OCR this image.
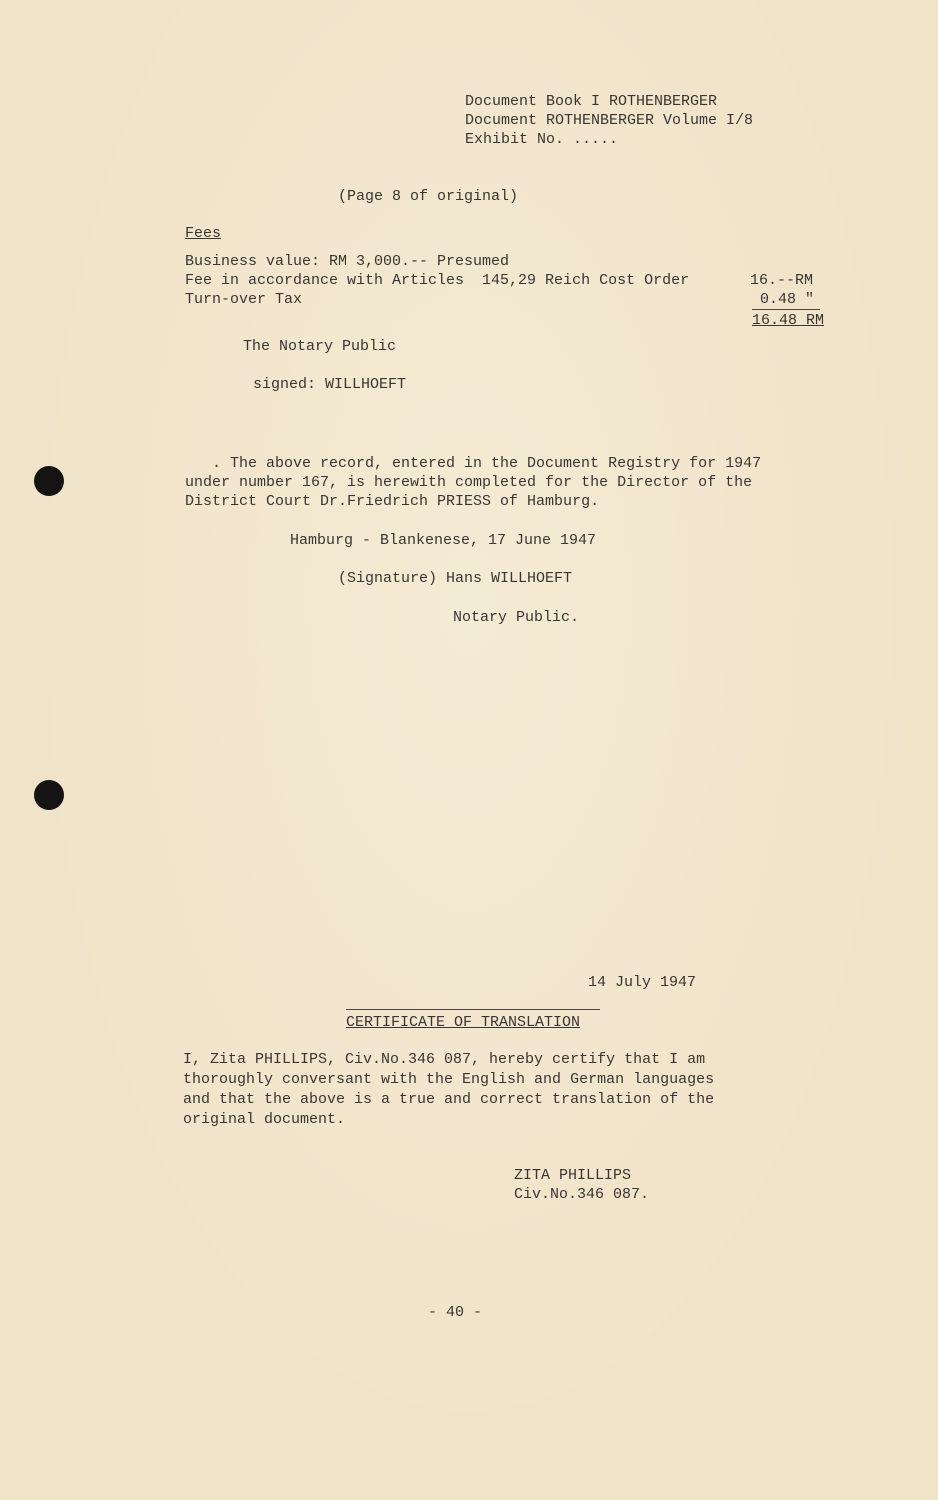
Document Book I ROTHENBERGER
Document ROTHENBERGER Volume I/8
Exhibit No. .....
(Page 8 of original)
Fees
Business value: RM 3,000.-- Presumed
Fee in accordance with Articles  145,29 Reich Cost Order	16.--RM
Turn-over Tax	0.48 "
16.48 RM
The Notary Public
signed: WILLHOEFT
. The above record, entered in the Document Registry for 1947
under number 167, is herewith completed for the Director of the
District Court Dr.Friedrich PRIESS of Hamburg.
Hamburg - Blankenese, 17 June 1947
(Signature) Hans WILLHOEFT
Notary Public.
14 July 1947
CERTIFICATE OF TRANSLATION
I, Zita PHILLIPS, Civ.No.346 087, hereby certify that I am
thoroughly conversant with the English and German languages
and that the above is a true and correct translation of the
original document.
ZITA PHILLIPS
Civ.No.346 087.
- 40 -
